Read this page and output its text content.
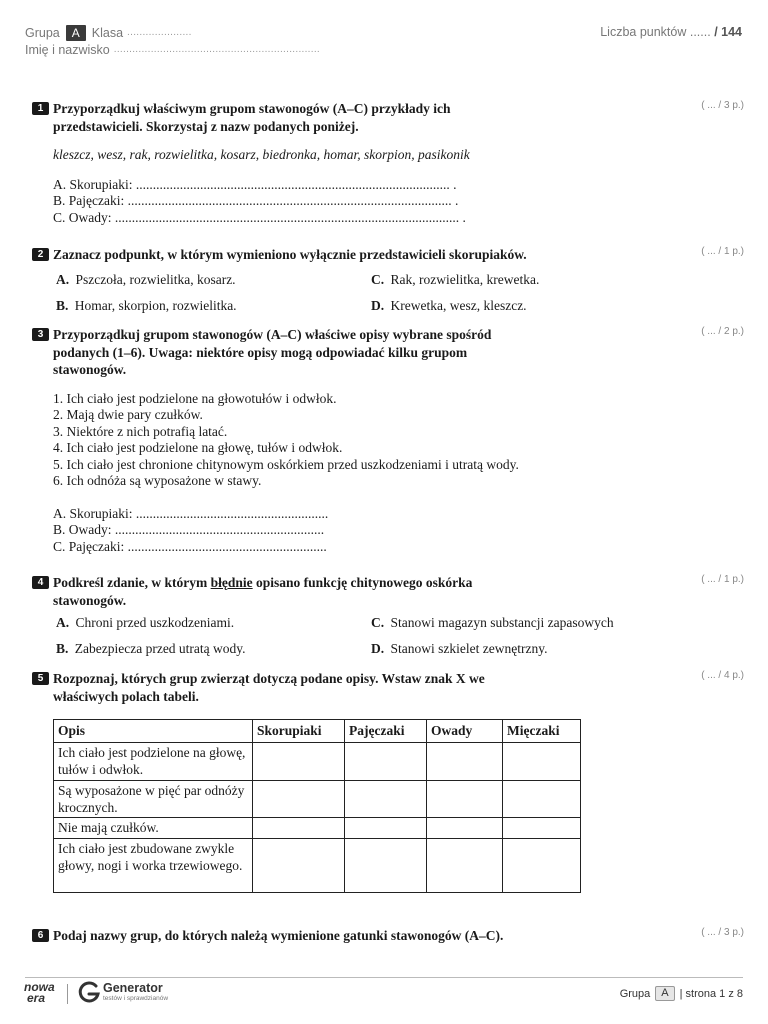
Grupa	A Klasa .....................
Imię i nazwisko ...................................................................
Liczba punktów ...... / 144
1 Przyporządkuj właściwym grupom stawonogów (A–C) przykłady ich przedstawicieli. Skorzystaj z nazw podanych poniżej.
( ... / 3 p.)
kleszcz, wesz, rak, rozwielitka, kosarz, biedronka, homar, skorpion, pasikonik
A. Skorupiaki: ............................................................................................. .
B. Pajęczaki: ................................................................................................ .
C. Owady: ...................................................................................................... .
2 Zaznacz podpunkt, w którym wymieniono wyłącznie przedstawicieli skorupiaków.	( ... / 1 p.)
A. Pszczoła, rozwielitka, kosarz.	C. Rak, rozwielitka, krewetka.
B. Homar, skorpion, rozwielitka.	D. Krewetka, wesz, kleszcz.
3 Przyporządkuj grupom stawonogów (A–C) właściwe opisy wybrane spośród podanych (1–6). Uwaga: niektóre opisy mogą odpowiadać kilku grupom stawonogów.
( ... / 2 p.)
1. Ich ciało jest podzielone na głowotułów i odwłok.
2. Mają dwie pary czułków.
3. Niektóre z nich potrafią latać.
4. Ich ciało jest podzielone na głowę, tułów i odwłok.
5. Ich ciało jest chronione chitynowym oskórkiem przed uszkodzeniami i utratą wody.
6. Ich odnóża są wyposażone w stawy.
A. Skorupiaki: .........................................................
B. Owady: ..............................................................
C. Pajęczaki: ...........................................................
4 Podkreśl zdanie, w którym błędnie opisano funkcję chitynowego oskórka stawonogów.
( ... / 1 p.)
A. Chroni przed uszkodzeniami.	C. Stanowi magazyn substancji zapasowych
B. Zabezpiecza przed utratą wody.	D. Stanowi szkielet zewnętrzny.
5 Rozpoznaj, których grup zwierząt dotyczą podane opisy. Wstaw znak X we właściwych polach tabeli.
( ... / 4 p.)
Opis	Skorupiaki	Pajęczaki	Owady	Mięczaki
Ich ciało jest podzielone na głowę, tułów i odwłok.				
Są wyposażone w pięć par odnóży krocznych.				
Nie mają czułków.				
Ich ciało jest zbudowane zwykle głowy, nogi i worka trzewiowego.				
6 Podaj nazwy grup, do których należą wymienione gatunki stawonogów (A–C).	( ... / 3 p.)
nowa
era
Generator
testów i sprawdzianów	Grupa	A	| strona 1 z 8
